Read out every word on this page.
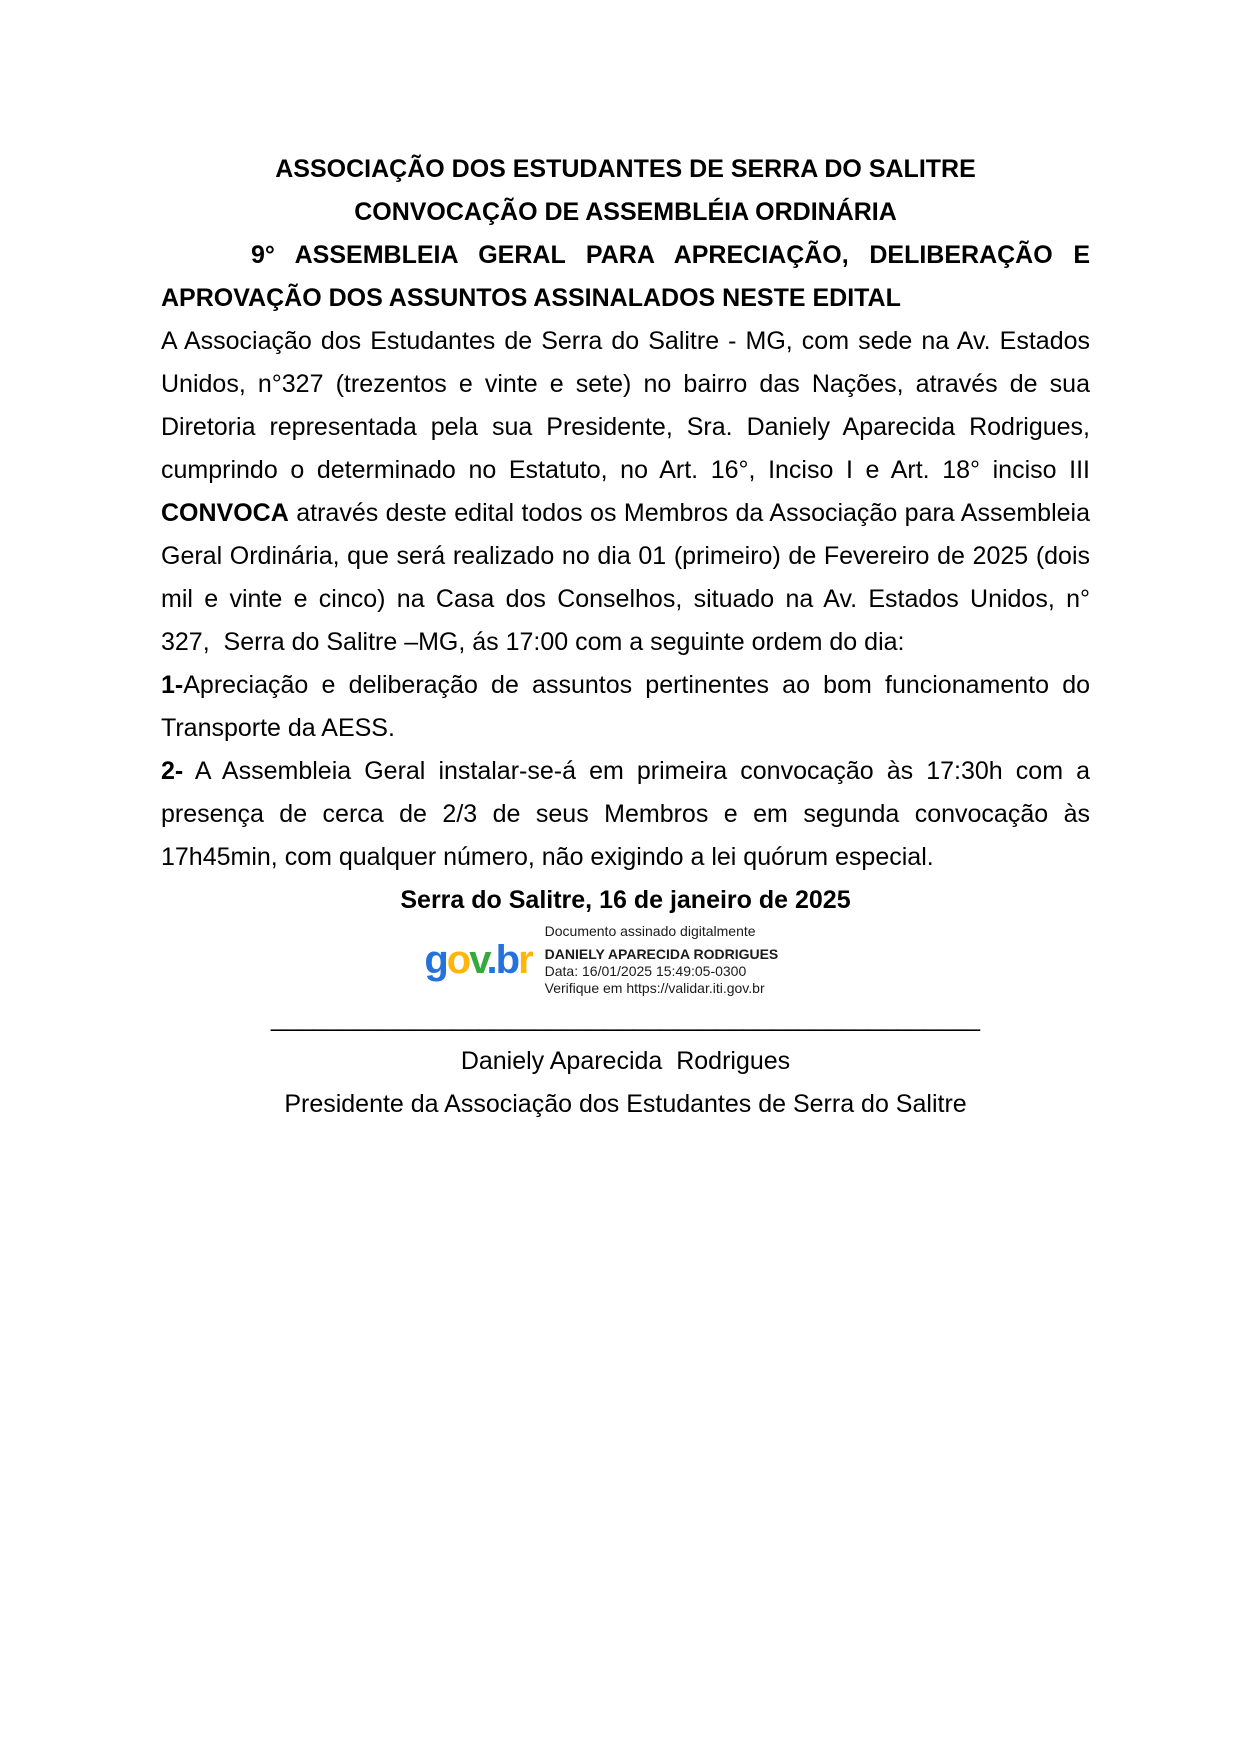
ASSOCIAÇÃO DOS ESTUDANTES DE SERRA DO SALITRE

CONVOCAÇÃO DE ASSEMBLÉIA ORDINÁRIA

9° ASSEMBLEIA GERAL PARA APRECIAÇÃO, DELIBERAÇÃO E APROVAÇÃO DOS ASSUNTOS ASSINALADOS NESTE EDITAL

A Associação dos Estudantes de Serra do Salitre - MG, com sede na Av. Estados Unidos, n°327 (trezentos e vinte e sete) no bairro das Nações, através de sua Diretoria representada pela sua Presidente, Sra. Daniely Aparecida Rodrigues, cumprindo o determinado no Estatuto, no Art. 16°, Inciso I e Art. 18° inciso III CONVOCA através deste edital todos os Membros da Associação para Assembleia Geral Ordinária, que será realizado no dia 01 (primeiro) de Fevereiro de 2025 (dois mil e vinte e cinco) na Casa dos Conselhos, situado na Av. Estados Unidos, n° 327,  Serra do Salitre –MG, ás 17:00 com a seguinte ordem do dia:

1-Apreciação e deliberação de assuntos pertinentes ao bom funcionamento do Transporte da AESS.

2- A Assembleia Geral instalar-se-á em primeira convocação às 17:30h com a presença de cerca de 2/3 de seus Membros e em segunda convocação às 17h45min, com qualquer número, não exigindo a lei quórum especial.

Serra do Salitre, 16 de janeiro de 2025

gov.br
Documento assinado digitalmente
DANIELY APARECIDA RODRIGUES
Data: 16/01/2025 15:49:05-0300
Verifique em https://validar.iti.gov.br

___________________________________________________

Daniely Aparecida  Rodrigues

Presidente da Associação dos Estudantes de Serra do Salitre
